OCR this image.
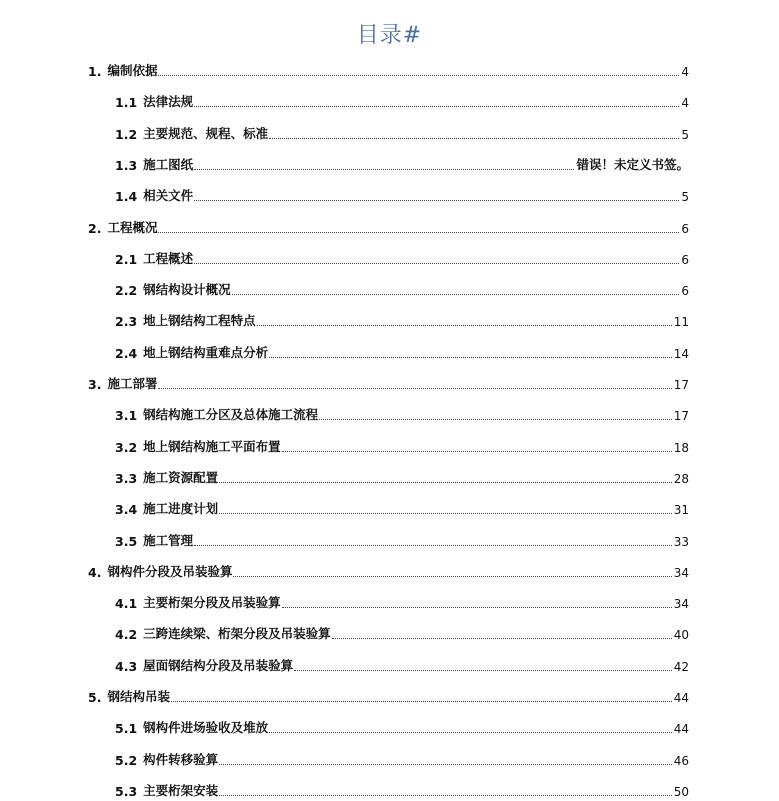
目录#
1. 编制依据	4
1.1 法律法规	4
1.2 主要规范、规程、标准	5
1.3 施工图纸	错误！未定义书签。
1.4 相关文件	5
2. 工程概况	6
2.1 工程概述	6
2.2 钢结构设计概况	6
2.3 地上钢结构工程特点	11
2.4 地上钢结构重难点分析	14
3. 施工部署	17
3.1 钢结构施工分区及总体施工流程	17
3.2 地上钢结构施工平面布置	18
3.3 施工资源配置	28
3.4 施工进度计划	31
3.5 施工管理	33
4. 钢构件分段及吊装验算	34
4.1 主要桁架分段及吊装验算	34
4.2 三跨连续梁、桁架分段及吊装验算	40
4.3 屋面钢结构分段及吊装验算	42
5. 钢结构吊装	44
5.1 钢构件进场验收及堆放	44
5.2 构件转移验算	46
5.3 主要桁架安装	50
